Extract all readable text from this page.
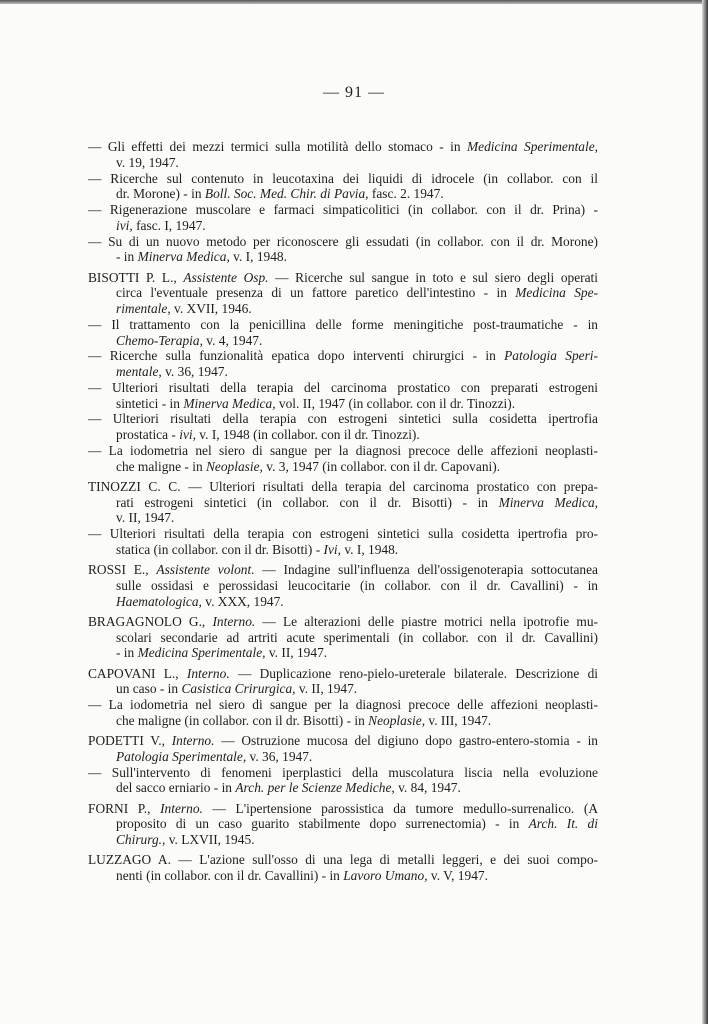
— 91 —
— Gli effetti dei mezzi termici sulla motilità dello stomaco - in Medicina Sperimentale,
v. 19, 1947.
— Ricerche sul contenuto in leucotaxina dei liquidi di idrocele (in collabor. con il
dr. Morone) - in Boll. Soc. Med. Chir. di Pavia, fasc. 2. 1947.
— Rigenerazione muscolare e farmaci simpaticolitici (in collabor. con il dr. Prina) -
ivi, fasc. I, 1947.
— Su di un nuovo metodo per riconoscere gli essudati (in collabor. con il dr. Morone)
- in Minerva Medica, v. I, 1948.
BISOTTI P. L., Assistente Osp. — Ricerche sul sangue in toto e sul siero degli operati
circa l'eventuale presenza di un fattore paretico dell'intestino - in Medicina Spe-
rimentale, v. XVII, 1946.
— Il trattamento con la penicillina delle forme meningitiche post-traumatiche - in
Chemo-Terapia, v. 4, 1947.
— Ricerche sulla funzionalità epatica dopo interventi chirurgici - in Patologia Speri-
mentale, v. 36, 1947.
— Ulteriori risultati della terapia del carcinoma prostatico con preparati estrogeni
sintetici - in Minerva Medica, vol. II, 1947 (in collabor. con il dr. Tinozzi).
— Ulteriori risultati della terapia con estrogeni sintetici sulla cosidetta ipertrofia
prostatica - ivi, v. I, 1948 (in collabor. con il dr. Tinozzi).
— La iodometria nel siero di sangue per la diagnosi precoce delle affezioni neoplasti-
che maligne - in Neoplasie, v. 3, 1947 (in collabor. con il dr. Capovani).
TINOZZI C. C. — Ulteriori risultati della terapia del carcinoma prostatico con prepa-
rati estrogeni sintetici (in collabor. con il dr. Bisotti) - in Minerva Medica,
v. II, 1947.
— Ulteriori risultati della terapia con estrogeni sintetici sulla cosidetta ipertrofia pro-
statica (in collabor. con il dr. Bisotti) - Ivi, v. I, 1948.
ROSSI E., Assistente volont. — Indagine sull'influenza dell'ossigenoterapia sottocutanea
sulle ossidasi e perossidasi leucocitarie (in collabor. con il dr. Cavallini) - in
Haematologica, v. XXX, 1947.
BRAGAGNOLO G., Interno. — Le alterazioni delle piastre motrici nella ipotrofie mu-
scolari secondarie ad artriti acute sperimentali (in collabor. con il dr. Cavallini)
- in Medicina Sperimentale, v. II, 1947.
CAPOVANI L., Interno. — Duplicazione reno-pielo-ureterale bilaterale. Descrizione di
un caso - in Casistica Crirurgica, v. II, 1947.
— La iodometria nel siero di sangue per la diagnosi precoce delle affezioni neoplasti-
che maligne (in collabor. con il dr. Bisotti) - in Neoplasie, v. III, 1947.
PODETTI V., Interno. — Ostruzione mucosa del digiuno dopo gastro-entero-stomia - in
Patologia Sperimentale, v. 36, 1947.
— Sull'intervento di fenomeni iperplastici della muscolatura liscia nella evoluzione
del sacco erniario - in Arch. per le Scienze Mediche, v. 84, 1947.
FORNI P., Interno. — L'ipertensione parossistica da tumore medullo-surrenalico. (A
proposito di un caso guarito stabilmente dopo surrenectomia) - in Arch. It. di
Chirurg., v. LXVII, 1945.
LUZZAGO A. — L'azione sull'osso di una lega di metalli leggeri, e dei suoi compo-
nenti (in collabor. con il dr. Cavallini) - in Lavoro Umano, v. V, 1947.
